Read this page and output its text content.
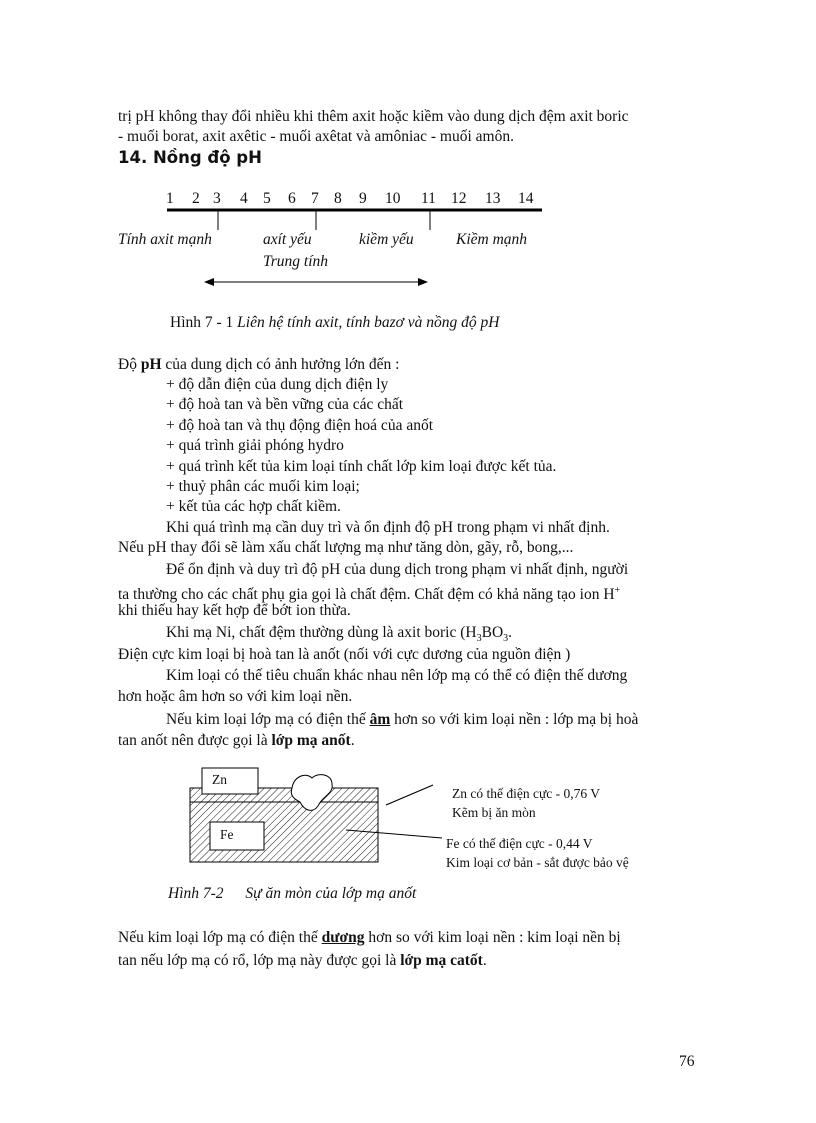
trị pH không thay đổi nhiều khi thêm axit hoặc kiềm vào dung dịch đệm axit boric
- muối borat, axit axêtic - muối axêtat và amôniac - muối amôn.
14. Nồng độ pH
1 2 3 4 5 6 7 8 9 10 11 12 13 14
Tính axit mạnh	axít yếu	kiềm yếu	Kiềm mạnh
Trung tính
Hình 7 - 1 Liên hệ tính axit, tính bazơ và nồng độ pH
Độ pH của dung dịch có ảnh hưởng lớn đến :
+ độ dẫn điện của dung dịch điện ly
+ độ hoà tan và bền vững của các chất
+ độ hoà tan và thụ động điện hoá của anốt
+ quá trình giải phóng hydro
+ quá trình kết tủa kim loại tính chất lớp kim loại được kết tủa.
+ thuỷ phân các muối kim loại;
+ kết tủa các hợp chất kiềm.
Khi quá trình mạ cần duy trì và ổn định độ pH trong phạm vi nhất định.
Nếu pH thay đổi sẽ làm xấu chất lượng mạ như tăng dòn, gãy, rỗ, bong,...
Để ổn định và duy trì độ pH của dung dịch trong phạm vi nhất định, người
ta thường cho các chất phụ gia gọi là chất đệm. Chất đệm có khả năng tạo ion H+
khi thiếu hay kết hợp để bớt ion thừa.
Khi mạ Ni, chất đệm thường dùng là axit boric ($H_3BO_3$.
Điện cực kim loại bị hoà tan là anốt (nối với cực dương của nguồn điện )
Kim loại có thế tiêu chuẩn khác nhau nên lớp mạ có thể có điện thế dương
hơn hoặc âm hơn so với kim loại nền.
Nếu kim loại lớp mạ có điện thế âm hơn so với kim loại nền : lớp mạ bị hoà
tan anốt nên được gọi là lớp mạ anốt.
Zn
Fe
Zn có thế điện cực - 0,76 V
Kẽm bị ăn mòn
Fe có thế điện cực - 0,44 V
Kim loại cơ bản - sắt được bảo vệ
Hình 7-2 Sự ăn mòn của lớp mạ anốt
Nếu kim loại lớp mạ có điện thế dương hơn so với kim loại nền : kim loại nền bị
tan nếu lớp mạ có rổ, lớp mạ này được gọi là lớp mạ catốt.
76
